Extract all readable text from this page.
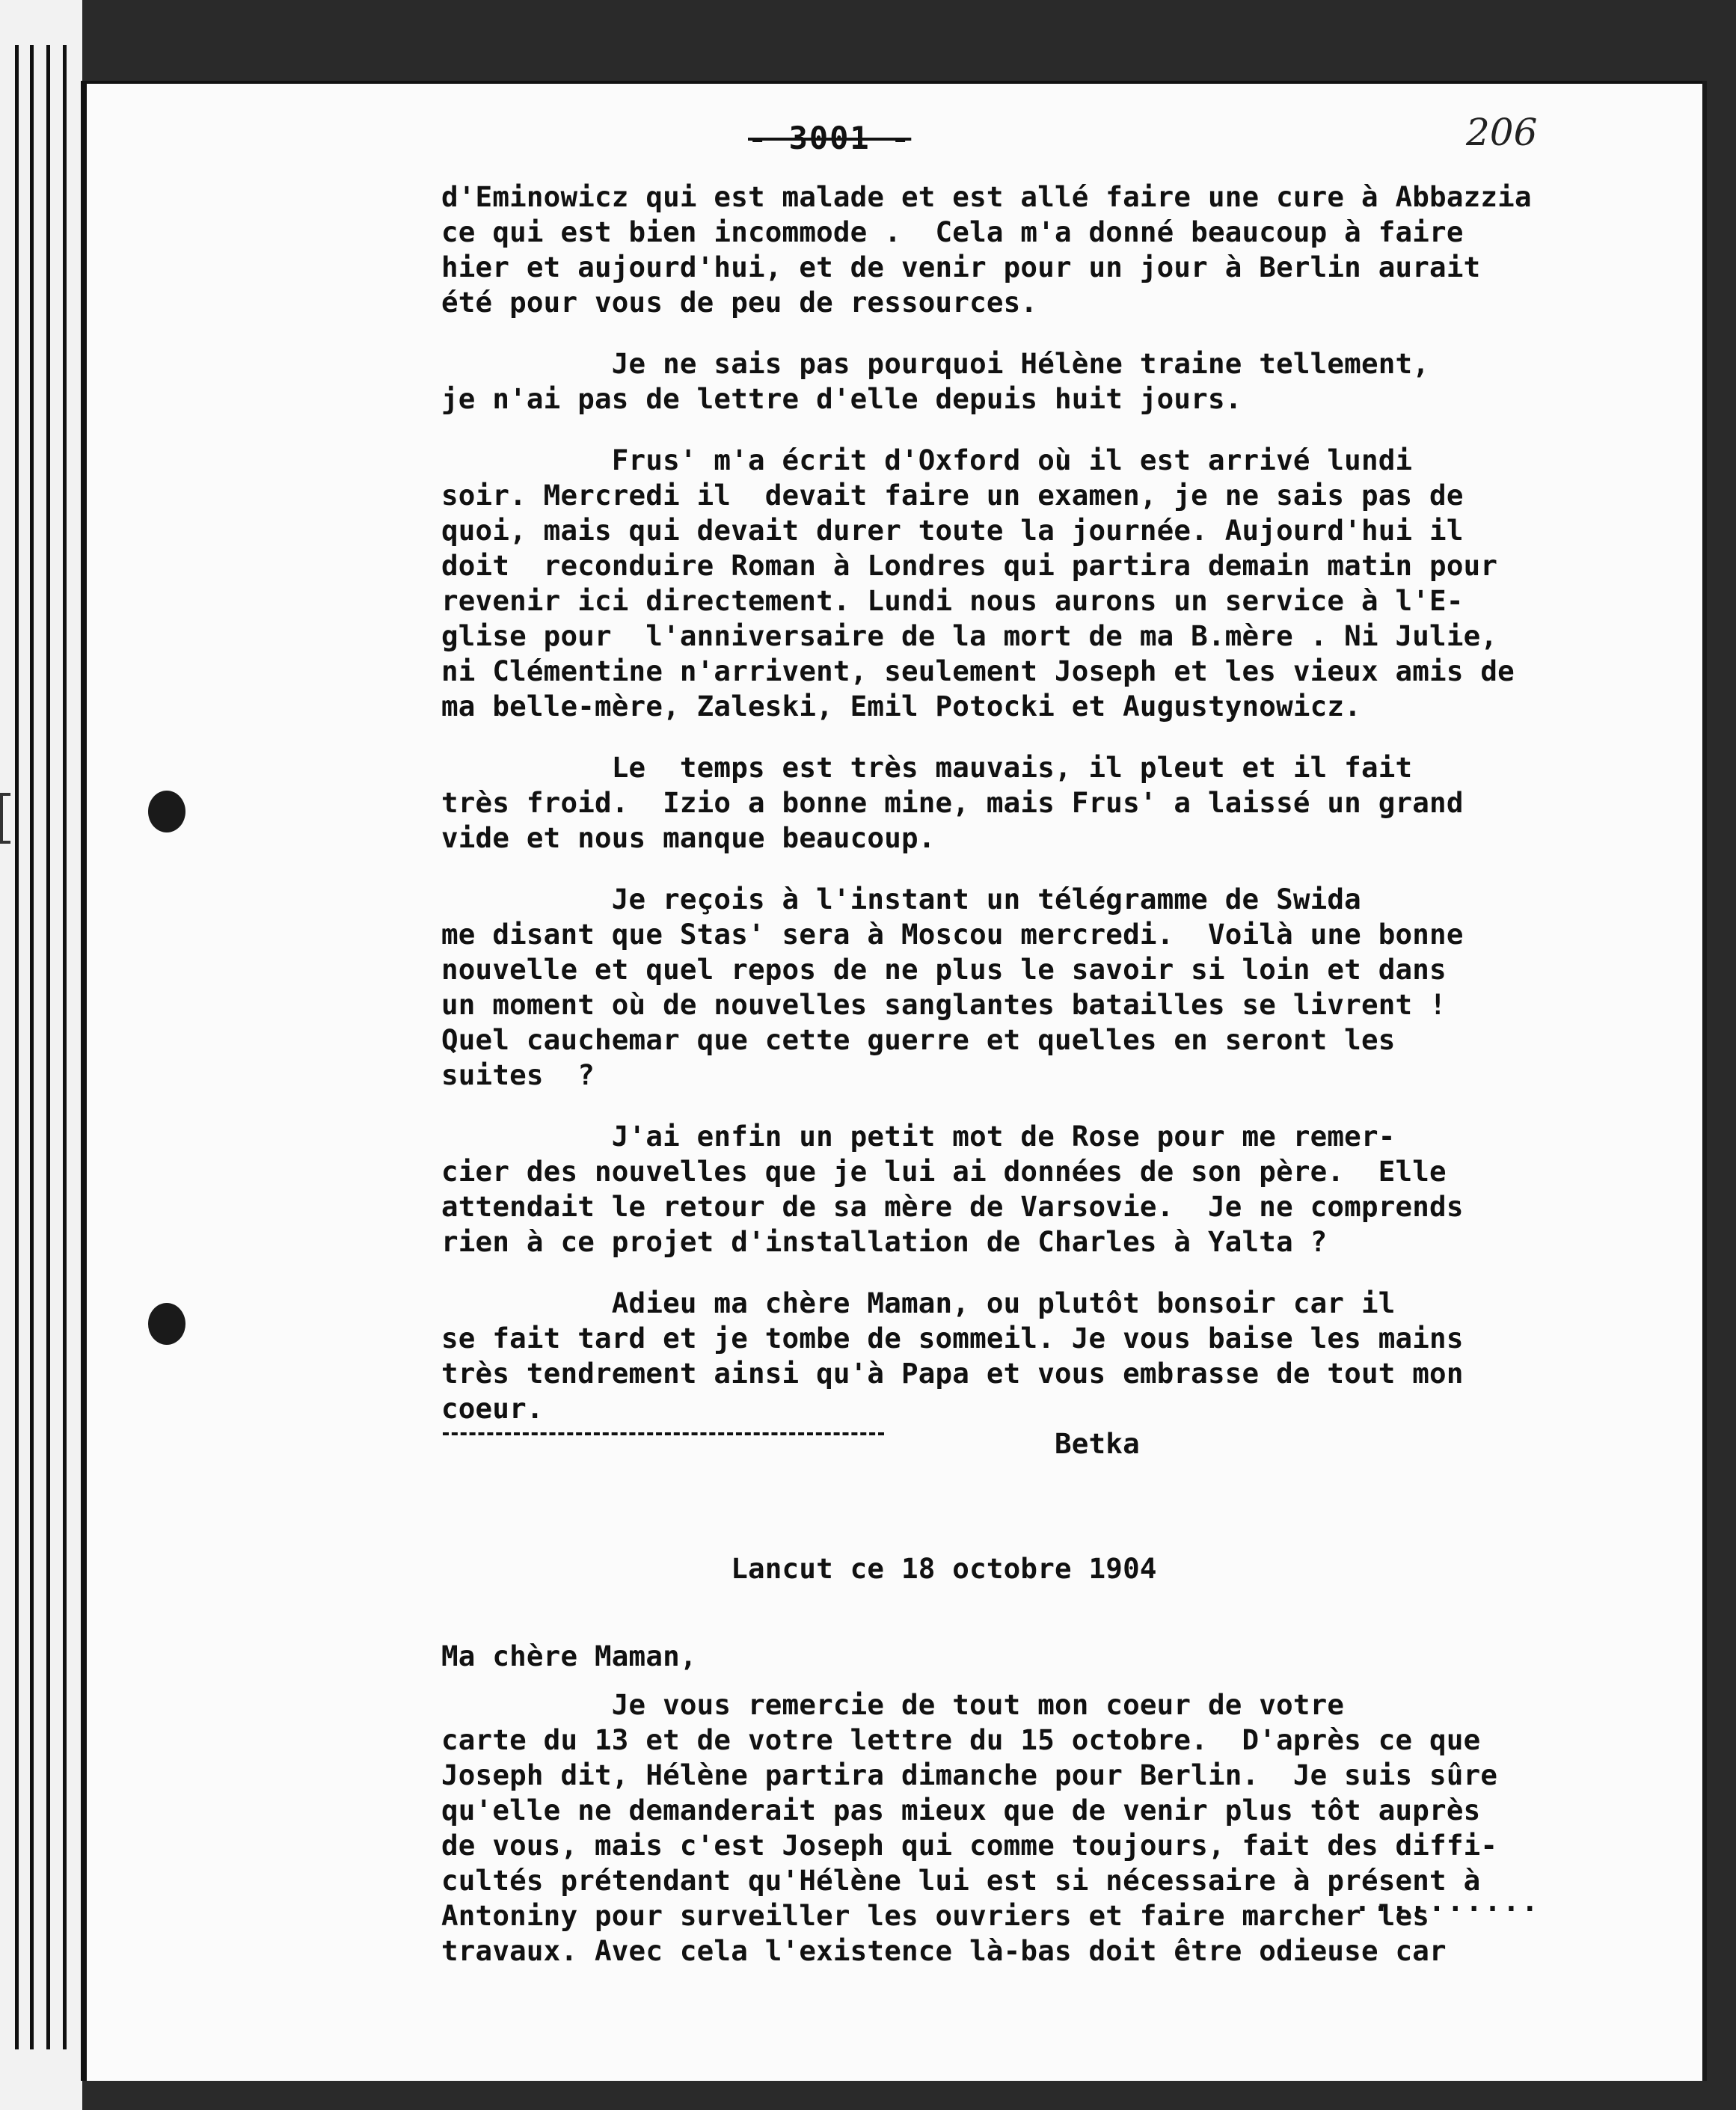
- 3001 -	206
d'Eminowicz qui est malade et est allé faire une cure à Abbazzia
ce qui est bien incommode .  Cela m'a donné beaucoup à faire
hier et aujourd'hui, et de venir pour un jour à Berlin aurait
été pour vous de peu de ressources.
Je ne sais pas pourquoi Hélène traine tellement,
je n'ai pas de lettre d'elle depuis huit jours.
Frus' m'a écrit d'Oxford où il est arrivé lundi
soir. Mercredi il  devait faire un examen, je ne sais pas de
quoi, mais qui devait durer toute la journée. Aujourd'hui il
doit  reconduire Roman à Londres qui partira demain matin pour
revenir ici directement. Lundi nous aurons un service à l'E-
glise pour  l'anniversaire de la mort de ma B.mère . Ni Julie,
ni Clémentine n'arrivent, seulement Joseph et les vieux amis de
ma belle-mère, Zaleski, Emil Potocki et Augustynowicz.
Le  temps est très mauvais, il pleut et il fait
très froid.  Izio a bonne mine, mais Frus' a laissé un grand
vide et nous manque beaucoup.
Je reçois à l'instant un télégramme de Swida
me disant que Stas' sera à Moscou mercredi.  Voilà une bonne
nouvelle et quel repos de ne plus le savoir si loin et dans
un moment où de nouvelles sanglantes batailles se livrent !
Quel cauchemar que cette guerre et quelles en seront les
suites  ?
J'ai enfin un petit mot de Rose pour me remer-
cier des nouvelles que je lui ai données de son père.  Elle
attendait le retour de sa mère de Varsovie.  Je ne comprends
rien à ce projet d'installation de Charles à Yalta ?
Adieu ma chère Maman, ou plutôt bonsoir car il
se fait tard et je tombe de sommeil. Je vous baise les mains
très tendrement ainsi qu'à Papa et vous embrasse de tout mon
coeur.
Betka
Lancut ce 18 octobre 1904
Ma chère Maman,
Je vous remercie de tout mon coeur de votre
carte du 13 et de votre lettre du 15 octobre.  D'après ce que
Joseph dit, Hélène partira dimanche pour Berlin.  Je suis sûre
qu'elle ne demanderait pas mieux que de venir plus tôt auprès
de vous, mais c'est Joseph qui comme toujours, fait des diffi-
cultés prétendant qu'Hélène lui est si nécessaire à présent à
Antoniny pour surveiller les ouvriers et faire marcher les
travaux. Avec cela l'existence là-bas doit être odieuse car
..........
